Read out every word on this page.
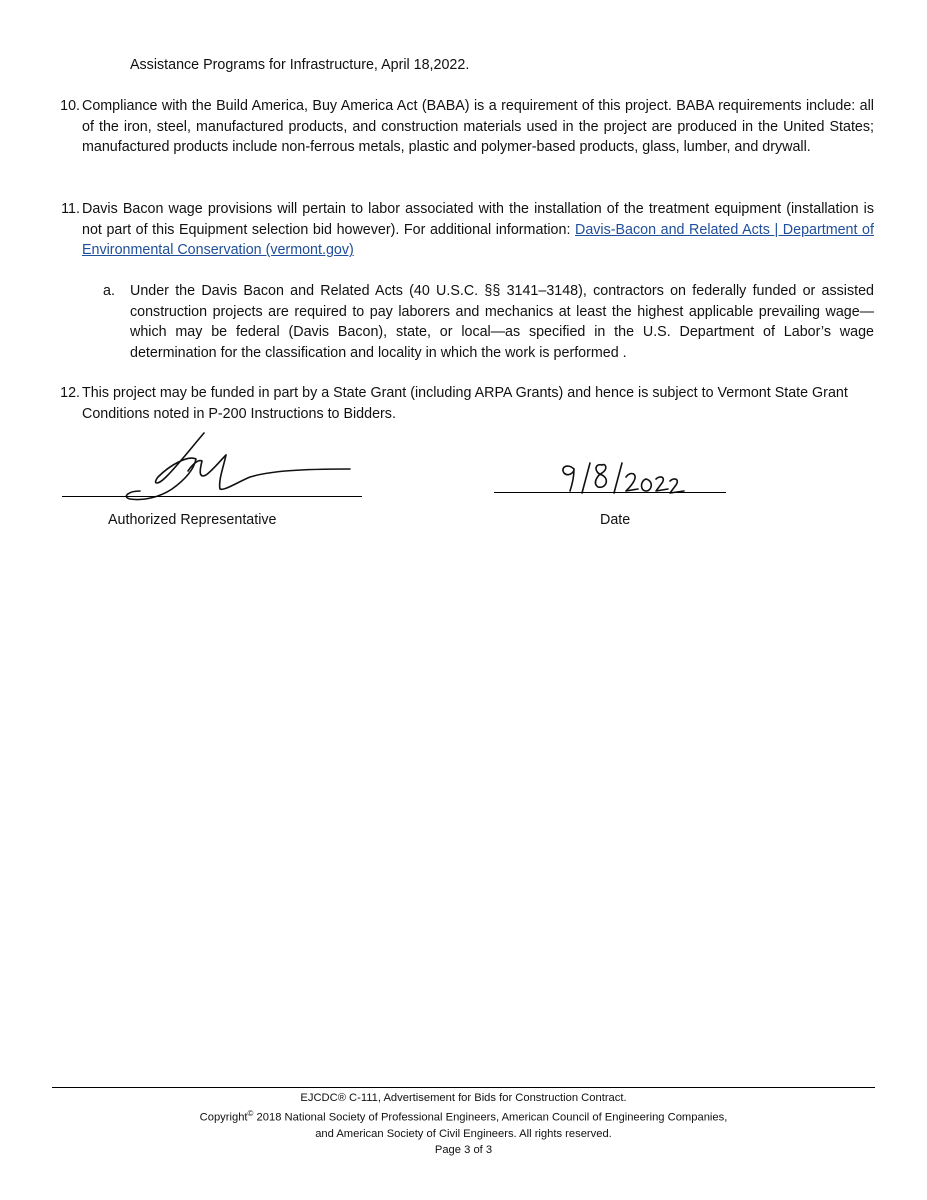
Assistance Programs for Infrastructure, April 18,2022.
10. Compliance with the Build America, Buy America Act (BABA) is a requirement of this project. BABA requirements include: all of the iron, steel, manufactured products, and construction materials used in the project are produced in the United States; manufactured products include non-ferrous metals, plastic and polymer-based products, glass, lumber, and drywall.
11. Davis Bacon wage provisions will pertain to labor associated with the installation of the treatment equipment (installation is not part of this Equipment selection bid however). For additional information: Davis-Bacon and Related Acts | Department of Environmental Conservation (vermont.gov)
a. Under the Davis Bacon and Related Acts (40 U.S.C. §§ 3141–3148), contractors on federally funded or assisted construction projects are required to pay laborers and mechanics at least the highest applicable prevailing wage—which may be federal (Davis Bacon), state, or local—as specified in the U.S. Department of Labor’s wage determination for the classification and locality in which the work is performed .
12. This project may be funded in part by a State Grant (including ARPA Grants) and hence is subject to Vermont State Grant Conditions noted in P-200 Instructions to Bidders.
Authorized Representative	Date
EJCDC® C-111, Advertisement for Bids for Construction Contract.
Copyright© 2018 National Society of Professional Engineers, American Council of Engineering Companies,
and American Society of Civil Engineers. All rights reserved.
Page 3 of 3
